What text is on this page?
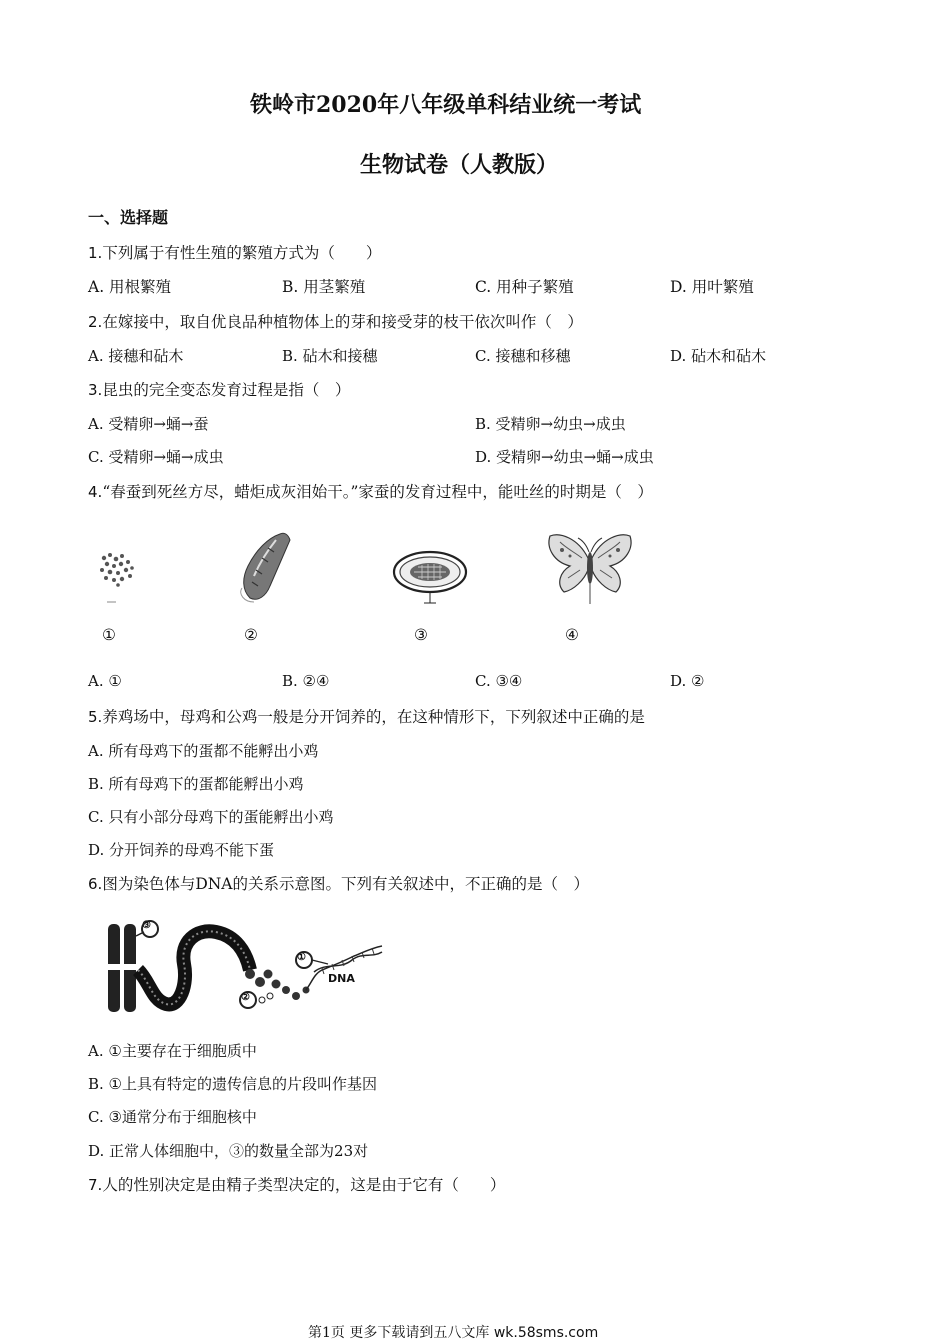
铁岭市2020年八年级单科结业统一考试
生物试卷（人教版）
一、选择题
1.下列属于有性生殖的繁殖方式为（　　）
A. 用根繁殖	B. 用茎繁殖	C. 用种子繁殖	D. 用叶繁殖
2.在嫁接中，取自优良品种植物体上的芽和接受芽的枝干依次叫作（　）
A. 接穗和砧木	B. 砧木和接穗	C. 接穗和移穗	D. 砧木和砧木
3.昆虫的完全变态发育过程是指（　）
A. 受精卵→蛹→蚕	B. 受精卵→幼虫→成虫
C. 受精卵→蛹→成虫	D. 受精卵→幼虫→蛹→成虫
4.“春蚕到死丝方尽，蜡炬成灰泪始干。”家蚕的发育过程中，能吐丝的时期是（　）
①	②	③	④
A. ①	B. ②④	C. ③④	D. ②
5.养鸡场中，母鸡和公鸡一般是分开饲养的，在这种情形下，下列叙述中正确的是
A. 所有母鸡下的蛋都不能孵出小鸡
B. 所有母鸡下的蛋都能孵出小鸡
C. 只有小部分母鸡下的蛋能孵出小鸡
D. 分开饲养的母鸡不能下蛋
6.图为染色体与DNA的关系示意图。下列有关叙述中，不正确的是（　）
③
①
②
DNA
A. ①主要存在于细胞质中
B. ①上具有特定的遗传信息的片段叫作基因
C. ③通常分布于细胞核中
D. 正常人体细胞中，③的数量全部为23对
7.人的性别决定是由精子类型决定的，这是由于它有（　　）
第1页 更多下载请到五八文库 wk.58sms.com
